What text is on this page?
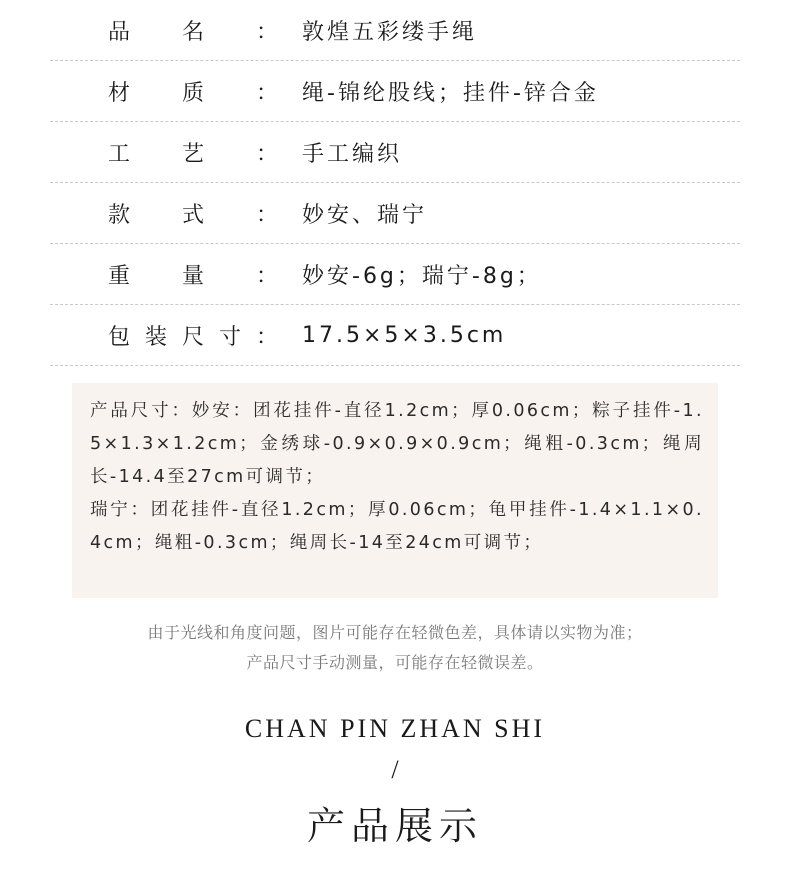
品 名 ： 敦煌五彩缕手绳
材 质 ： 绳-锦纶股线；挂件-锌合金
工 艺 ： 手工编织
款 式 ： 妙安、瑞宁
重 量 ： 妙安-6g；瑞宁-8g；
包 装 尺 寸 ： 17.5×5×3.5cm
产品尺寸：妙安：团花挂件-直径1.2cm；厚0.06cm；粽子挂件-1.5×1.3×1.2cm；金绣球-0.9×0.9×0.9cm；绳粗-0.3cm；绳周长-14.4至27cm可调节；
瑞宁：团花挂件-直径1.2cm；厚0.06cm；龟甲挂件-1.4×1.1×0.4cm；绳粗-0.3cm；绳周长-14至24cm可调节；
由于光线和角度问题，图片可能存在轻微色差，具体请以实物为准；
产品尺寸手动测量，可能存在轻微误差。
CHAN PIN ZHAN SHI
/
产品展示
